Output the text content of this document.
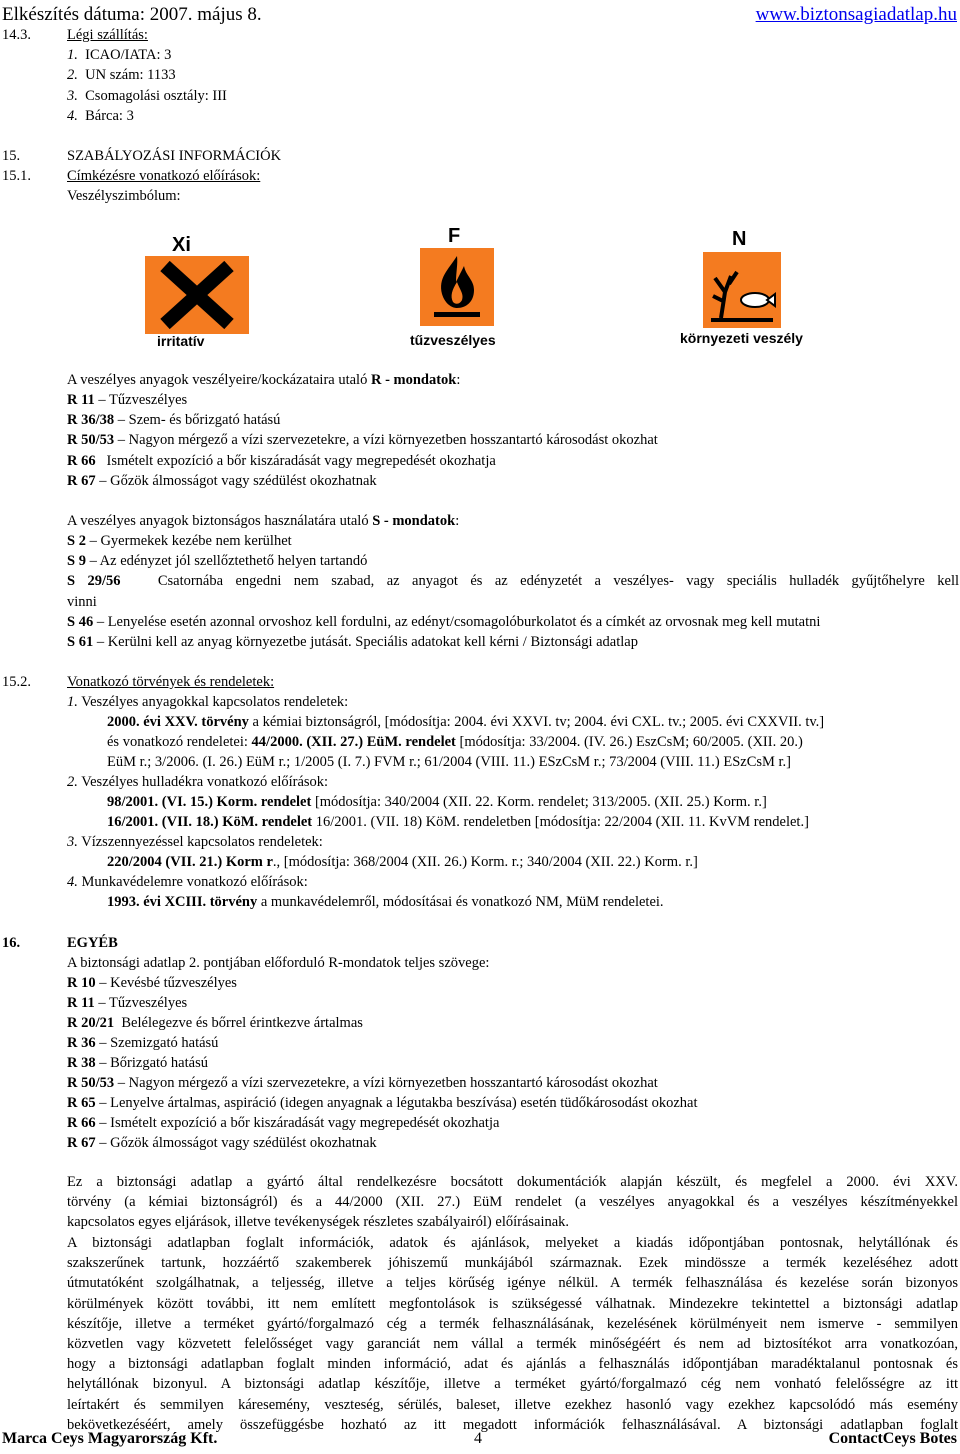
Elkészítés dátuma: 2007. május 8.	www.biztonsagiadatlap.hu
14.3. Légi szállítás:
1. ICAO/IATA: 3
2. UN szám: 1133
3. Csomagolási osztály: III
4. Bárca: 3
15.	SZABÁLYOZÁSI INFORMÁCIÓK
15.1. Címkézésre vonatkozó előírások:
Veszélyszimbólum:
Xi
irritatív
F
tűzveszélyes
N
környezeti veszély
A veszélyes anyagok veszélyeire/kockázataira utaló R - mondatok:
R 11 – Tűzveszélyes
R 36/38 – Szem- és bőrizgató hatású
R 50/53 – Nagyon mérgező a vízi szervezetekre, a vízi környezetben hosszantartó károsodást okozhat
R 66 Ismételt expozíció a bőr kiszáradását vagy megrepedését okozhatja
R 67 – Gőzök álmosságot vagy szédülést okozhatnak
A veszélyes anyagok biztonságos használatára utaló S - mondatok:
S 2 – Gyermekek kezébe nem kerülhet
S 9 – Az edényzet jól szellőztethető helyen tartandó
S 29/56	Csatornába engedni nem szabad, az anyagot és az edényzetét a veszélyes- vagy speciális hulladék gyűjtőhelyre kell
vinni
S 46 – Lenyelése esetén azonnal orvoshoz kell fordulni, az edényt/csomagolóburkolatot és a címkét az orvosnak meg kell mutatni
S 61 – Kerülni kell az anyag környezetbe jutását. Speciális adatokat kell kérni / Biztonsági adatlap
15.2. Vonatkozó törvények és rendeletek:
1. Veszélyes anyagokkal kapcsolatos rendeletek:
2000. évi XXV. törvény a kémiai biztonságról, [módosítja: 2004. évi XXVI. tv; 2004. évi CXL. tv.; 2005. évi CXXVII. tv.]
és vonatkozó rendeletei: 44/2000. (XII. 27.) EüM. rendelet [módosítja: 33/2004. (IV. 26.) EszCsM; 60/2005. (XII. 20.)
EüM r.; 3/2006. (I. 26.) EüM r.; 1/2005 (I. 7.) FVM r.; 61/2004 (VIII. 11.) ESzCsM r.; 73/2004 (VIII. 11.) ESzCsM r.]
2. Veszélyes hulladékra vonatkozó előírások:
98/2001. (VI. 15.) Korm. rendelet [módosítja: 340/2004 (XII. 22. Korm. rendelet; 313/2005. (XII. 25.) Korm. r.]
16/2001. (VII. 18.) KöM. rendelet 16/2001. (VII. 18) KöM. rendeletben [módosítja: 22/2004 (XII. 11. KvVM rendelet.]
3. Vízszennyezéssel kapcsolatos rendeletek:
220/2004 (VII. 21.) Korm r., [módosítja: 368/2004 (XII. 26.) Korm. r.; 340/2004 (XII. 22.) Korm. r.]
4. Munkavédelemre vonatkozó előírások:
1993. évi XCIII. törvény a munkavédelemről, módosításai és vonatkozó NM, MüM rendeletei.
16.	EGYÉB
A biztonsági adatlap 2. pontjában előforduló R-mondatok teljes szövege:
R 10 – Kevésbé tűzveszélyes
R 11 – Tűzveszélyes
R 20/21 Belélegezve és bőrrel érintkezve ártalmas
R 36 – Szemizgató hatású
R 38 – Bőrizgató hatású
R 50/53 – Nagyon mérgező a vízi szervezetekre, a vízi környezetben hosszantartó károsodást okozhat
R 65 – Lenyelve ártalmas, aspiráció (idegen anyagnak a légutakba beszívása) esetén tüdőkárosodást okozhat
R 66 – Ismételt expozíció a bőr kiszáradását vagy megrepedését okozhatja
R 67 – Gőzök álmosságot vagy szédülést okozhatnak
Ez a biztonsági adatlap a gyártó által rendelkezésre bocsátott dokumentációk alapján készült, és megfelel a 2000. évi XXV.
törvény (a kémiai biztonságról) és a 44/2000 (XII. 27.) EüM rendelet (a veszélyes anyagokkal és a veszélyes készítményekkel
kapcsolatos egyes eljárások, illetve tevékenységek részletes szabályairól) előírásainak.
A biztonsági adatlapban foglalt információk, adatok és ajánlások, melyeket a kiadás időpontjában pontosnak, helytállónak és
szakszerűnek tartunk, hozzáértő szakemberek jóhiszemű munkájából származnak. Ezek mindössze a termék kezeléséhez adott
útmutatóként szolgálhatnak, a teljesség, illetve a teljes körűség igénye nélkül. A termék felhasználása és kezelése során bizonyos
körülmények között további, itt nem említett megfontolások is szükségessé válhatnak. Mindezekre tekintettel a biztonsági adatlap
készítője, illetve a terméket gyártó/forgalmazó cég a termék felhasználásának, kezelésének körülményeit nem ismerve - semmilyen
közvetlen vagy közvetett felelősséget vagy garanciát nem vállal a termék minőségéért és nem ad biztosítékot arra vonatkozóan,
hogy a biztonsági adatlapban foglalt minden információ, adat és ajánlás a felhasználás időpontjában maradéktalanul pontosnak és
helytállónak bizonyul. A biztonsági adatlap készítője, illetve a terméket gyártó/forgalmazó cég nem vonható felelősségre az itt
leírtakért és semmilyen káresemény, veszteség, sérülés, baleset, illetve ezekhez hasonló vagy ezekhez kapcsolódó más esemény
bekövetkezéséért, amely összefüggésbe hozható az itt megadott információk felhasználásával. A biztonsági adatlapban foglalt
Marca Ceys Magyarország Kft.	4	ContactCeys Botes
